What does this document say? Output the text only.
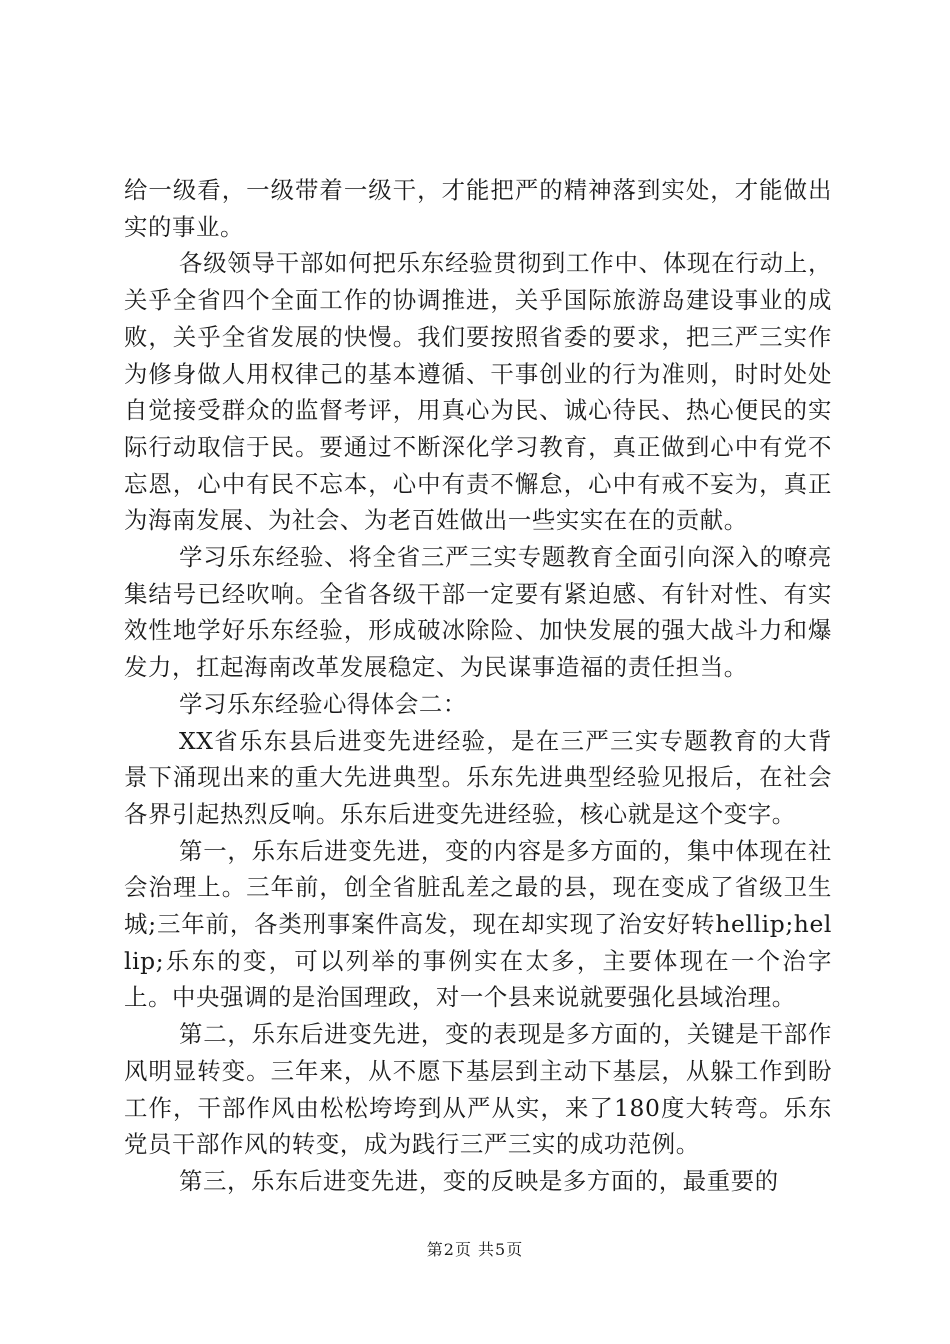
给一级看，一级带着一级干，才能把严的精神落到实处，才能做出实的事业。

各级领导干部如何把乐东经验贯彻到工作中、体现在行动上，关乎全省四个全面工作的协调推进，关乎国际旅游岛建设事业的成败，关乎全省发展的快慢。我们要按照省委的要求，把三严三实作为修身做人用权律己的基本遵循、干事创业的行为准则，时时处处自觉接受群众的监督考评，用真心为民、诚心待民、热心便民的实际行动取信于民。要通过不断深化学习教育，真正做到心中有党不忘恩，心中有民不忘本，心中有责不懈怠，心中有戒不妄为，真正为海南发展、为社会、为老百姓做出一些实实在在的贡献。

学习乐东经验、将全省三严三实专题教育全面引向深入的嘹亮集结号已经吹响。全省各级干部一定要有紧迫感、有针对性、有实效性地学好乐东经验，形成破冰除险、加快发展的强大战斗力和爆发力，扛起海南改革发展稳定、为民谋事造福的责任担当。

学习乐东经验心得体会二：

XX省乐东县后进变先进经验，是在三严三实专题教育的大背景下涌现出来的重大先进典型。乐东先进典型经验见报后，在社会各界引起热烈反响。乐东后进变先进经验，核心就是这个变字。

第一，乐东后进变先进，变的内容是多方面的，集中体现在社会治理上。三年前，创全省脏乱差之最的县，现在变成了省级卫生城;三年前，各类刑事案件高发，现在却实现了治安好转hellip;hellip;乐东的变，可以列举的事例实在太多，主要体现在一个治字上。中央强调的是治国理政，对一个县来说就要强化县域治理。

第二，乐东后进变先进，变的表现是多方面的，关键是干部作风明显转变。三年来，从不愿下基层到主动下基层，从躲工作到盼工作，干部作风由松松垮垮到从严从实，来了180度大转弯。乐东党员干部作风的转变，成为践行三严三实的成功范例。

第三，乐东后进变先进，变的反映是多方面的，最重要的

第2页 共5页
